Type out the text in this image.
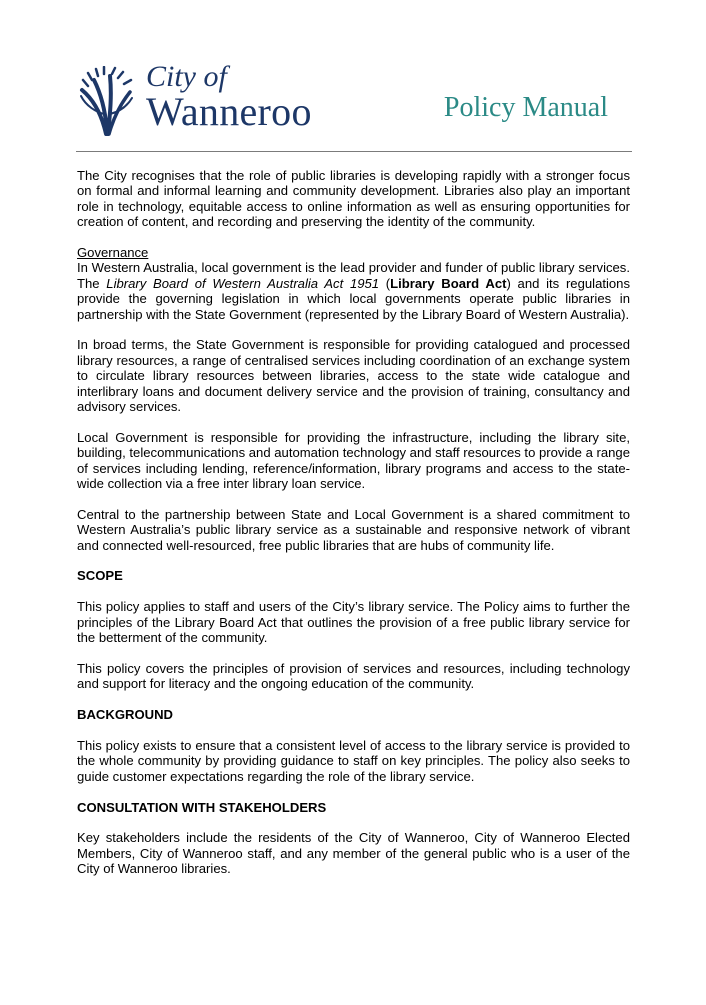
City of
Wanneroo	Policy Manual

The City recognises that the role of public libraries is developing rapidly with a stronger focus on formal and informal learning and community development. Libraries also play an important role in technology, equitable access to online information as well as ensuring opportunities for creation of content, and recording and preserving the identity of the community.

Governance
In Western Australia, local government is the lead provider and funder of public library services. The Library Board of Western Australia Act 1951 (Library Board Act) and its regulations provide the governing legislation in which local governments operate public libraries in partnership with the State Government (represented by the Library Board of Western Australia).

In broad terms, the State Government is responsible for providing catalogued and processed library resources, a range of centralised services including coordination of an exchange system to circulate library resources between libraries, access to the state wide catalogue and interlibrary loans and document delivery service and the provision of training, consultancy and advisory services.

Local Government is responsible for providing the infrastructure, including the library site, building, telecommunications and automation technology and staff resources to provide a range of services including lending, reference/information, library programs and access to the state-wide collection via a free inter library loan service.

Central to the partnership between State and Local Government is a shared commitment to Western Australia’s public library service as a sustainable and responsive network of vibrant and connected well-resourced, free public libraries that are hubs of community life.

SCOPE

This policy applies to staff and users of the City’s library service. The Policy aims to further the principles of the Library Board Act that outlines the provision of a free public library service for the betterment of the community.

This policy covers the principles of provision of services and resources, including technology and support for literacy and the ongoing education of the community.

BACKGROUND

This policy exists to ensure that a consistent level of access to the library service is provided to the whole community by providing guidance to staff on key principles. The policy also seeks to guide customer expectations regarding the role of the library service.

CONSULTATION WITH STAKEHOLDERS

Key stakeholders include the residents of the City of Wanneroo, City of Wanneroo Elected Members, City of Wanneroo staff, and any member of the general public who is a user of the City of Wanneroo libraries.
